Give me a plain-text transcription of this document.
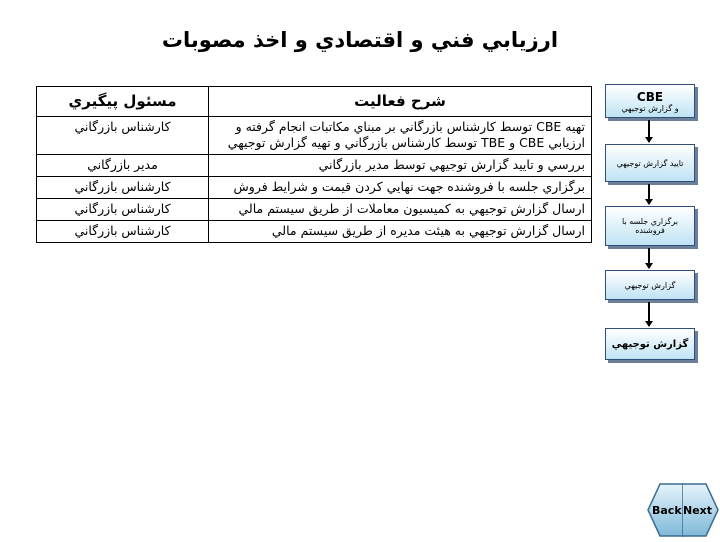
ارزيابي فني و اقتصادي و اخذ مصوبات
شرح فعاليت	مسئول پيگيري
تهيه CBE توسط كارشناس بازرگاني بر مبناي مكاتبات انجام گرفته و ارزيابي CBE و TBE توسط كارشناس بازرگاني و تهيه گزارش توجيهي	كارشناس بازرگاني
بررسي و تاييد گزارش توجيهي توسط مدير بازرگاني	مدير بازرگاني
برگزاري جلسه با فروشنده جهت نهايي كردن قيمت و شرايط فروش	كارشناس بازرگاني
ارسال گزارش توجيهي به كميسيون معاملات از طريق سيستم مالي	كارشناس بازرگاني
ارسال گزارش توجيهي به هيئت مديره از طريق سيستم مالي	كارشناس بازرگاني
CBE
و گزارش توجيهي
تاييد گزارش توجيهي
برگزاري جلسه با فروشنده
گزارش توجيهي
گزارش توجيهي
Back Next
